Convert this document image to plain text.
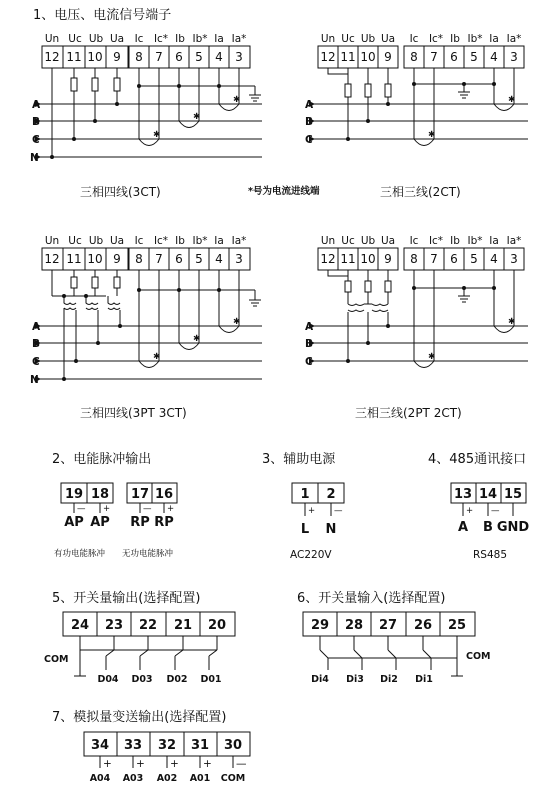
1、电压、电流信号端子
Un Uc Ub Ua
12 11 10 9
Ic Ic* Ib Ib* Ia Ia*
8 7 6 5 4 3
A
B
C
N
✱
✱
✱
Un Uc Ub Ua
12 11 10 9
Ic Ic* Ib Ib* Ia Ia*
8 7 6 5 4 3
A
B
C	✱
✱
三相四线(3CT)	*号为电流进线端	三相三线(2CT)
Un Uc Ub Ua
12 11 10 9
Ic Ic* Ib Ib* Ia Ia*
8 7 6 5 4 3
A
B
C
N
✱
✱
✱
Un Uc Ub Ua
12 11 10 9
Ic Ic* Ib Ib* Ia Ia*
8 7 6 5 4 3
A
B
C	✱
✱
三相四线(3PT 3CT)	三相三线(2PT 2CT)
2、电能脉冲输出
19 18 17 16
— +	— +
AP AP RP RP
有功电能脉冲 无功电能脉冲
3、辅助电源
1 2
+ —
L N
AC220V
4、485通讯接口
13 14 15
+ —
A B GND
RS485
5、开关量输出(选择配置)
24 23 22 21 20
COM
D04 D03 D02 D01
6、开关量输入(选择配置)
29 28 27 26 25
COM
Di4 Di3 Di2 Di1
7、模拟量变送输出(选择配置)
34 33 32 31 30
+ + + + —
A04 A03 A02 A01 COM
